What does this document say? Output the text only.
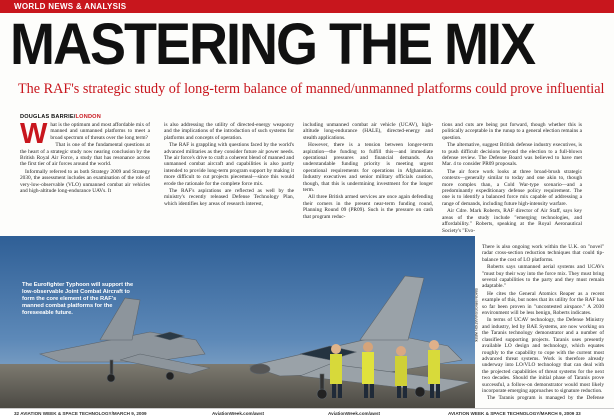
WORLD NEWS & ANALYSIS
MASTERING THE MIX
The RAF's strategic study of long-term balance of manned/unmanned platforms could prove influential
DOUGLAS BARRIE/LONDON

What is the optimum and most affordable mix of manned and unmanned platforms to meet a broad spectrum of threats over the long term?

That is one of the fundamental questions at the heart of a strategic study now nearing conclusion by the British Royal Air Force, a study that has resonance across the first tier of air forces around the world.

Informally referred to as both Strategy 2009 and Strategy 2030, the assessment includes an examination of the role of very-low-observable (VLO) unmanned combat air vehicles and high-altitude long-endurance UAVs. It

is also addressing the utility of directed-energy weaponry and the implications of the introduction of such systems for platforms and concepts of operation.

The RAF is grappling with questions faced by the world's advanced militaries as they consider future air power needs. The air force's drive to craft a coherent blend of manned and unmanned combat aircraft and capabilities is also partly intended to provide long-term program support by making it more difficult to cut projects piecemeal—since this would erode the rationale for the complete force mix.

The RAF's aspirations are reflected as well by the ministry's recently released Defense Technology Plan, which identifies key areas of research interest,

including unmanned combat air vehicle (UCAV), high-altitude long-endurance (HALE), directed-energy and stealth applications.

However, there is a tension between longer-term aspiration—the funding to fulfill this—and immediate operational pressures and financial demands. An understandable funding priority is meeting urgent operational requirements for operations in Afghanistan. Industry executives and senior military officials caution, though, that this is undermining investment for the longer term.

All three British armed services are once again defending their corners in the present near-term funding round, Planning Round 09 (PR09). Such is the pressure on cash that program reduc-

tions and cuts are being put forward, though whether this is politically acceptable in the runup to a general election remains a question.

The alternative, suggest British defense industry executives, is to push difficult decisions beyond the election to a full-blown defense review. The Defense Board was believed to have met Mar. 4 to consider PR09 proposals.

The air force work looks at three broad-brush strategic contexts—generally similar to today and one akin to, though more complex than, a Cold War-type scenario—and a predominantly expeditionary defense policy requirement. The one is to identify a balanced force mix capable of addressing a range of demands, including future high-intensity warfare.

Air Cdre. Mark Roberts, RAF director of Air Staff, says key areas of the study include "emerging technologies, and affordability." Roberts, speaking at the Royal Aeronautical Society's "Evo-

The Eurofighter Typhoon will support the low-observable Joint Combat Aircraft to form the core element of the RAF's manned combat platforms for the foreseeable future.	SIMON BRIGGS/AVIATION WEEK

There is also ongoing work within the U.K. on "novel" radar cross-section reduction techniques that could tip-balance the cost of LO platforms.

Roberts says unmanned aerial systems and UCAVs "must buy their way into the force mix. They must bring several capabilities to the party and they must remain adaptable."

He cites the General Atomics Reaper as a recent example of this, but notes that its utility for the RAF has so far been proven in "uncontested airspace." A 2030 environment will be less benign, Roberts indicates.

In terms of UCAV technology, the Defense Ministry and industry, led by BAE Systems, are now working on the Taranis technology demonstrator and a number of classified supporting projects. Taranis uses presently available LO design and technology, which equates roughly to the capability to cope with the current most advanced threat systems. Work is therefore already underway into LO/VLO technology that can deal with the projected capabilities of threat systems for the next two decades. Should the initial phase of Taranis prove successful, a follow-on demonstrator would most likely incorporate emerging approaches to signature reduction.

The Taranis program is managed by the Defense

32 AVIATION WEEK & SPACE TECHNOLOGY/MARCH 9, 2009	AviationWeek.com/awst	AviationWeek.com/awst	AVIATION WEEK & SPACE TECHNOLOGY/MARCH 9, 2009 33
